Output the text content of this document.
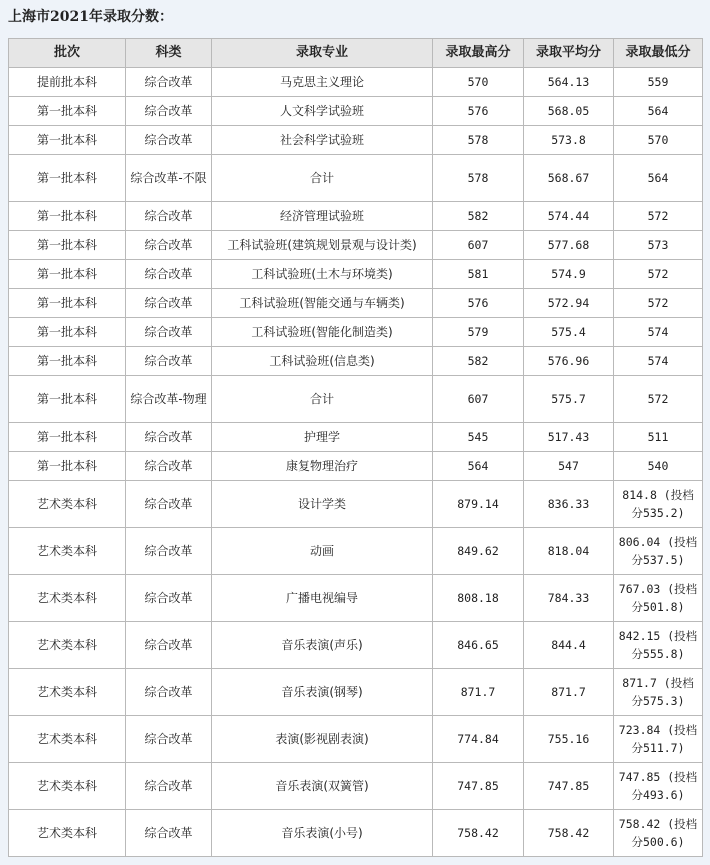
上海市2021年录取分数：
批次	科类	录取专业	录取最高分	录取平均分	录取最低分
提前批本科	综合改革	马克思主义理论	570	564.13	559
第一批本科	综合改革	人文科学试验班	576	568.05	564
第一批本科	综合改革	社会科学试验班	578	573.8	570
第一批本科	综合改革-不限	合计	578	568.67	564
第一批本科	综合改革	经济管理试验班	582	574.44	572
第一批本科	综合改革	工科试验班(建筑规划景观与设计类)	607	577.68	573
第一批本科	综合改革	工科试验班(土木与环境类)	581	574.9	572
第一批本科	综合改革	工科试验班(智能交通与车辆类)	576	572.94	572
第一批本科	综合改革	工科试验班(智能化制造类)	579	575.4	574
第一批本科	综合改革	工科试验班(信息类)	582	576.96	574
第一批本科	综合改革-物理	合计	607	575.7	572
第一批本科	综合改革	护理学	545	517.43	511
第一批本科	综合改革	康复物理治疗	564	547	540
艺术类本科	综合改革	设计学类	879.14	836.33	814.8 (投档分535.2)
艺术类本科	综合改革	动画	849.62	818.04	806.04 (投档分537.5)
艺术类本科	综合改革	广播电视编导	808.18	784.33	767.03 (投档分501.8)
艺术类本科	综合改革	音乐表演(声乐)	846.65	844.4	842.15 (投档分555.8)
艺术类本科	综合改革	音乐表演(钢琴)	871.7	871.7	871.7 (投档分575.3)
艺术类本科	综合改革	表演(影视剧表演)	774.84	755.16	723.84 (投档分511.7)
艺术类本科	综合改革	音乐表演(双簧管)	747.85	747.85	747.85 (投档分493.6)
艺术类本科	综合改革	音乐表演(小号)	758.42	758.42	758.42 (投档分500.6)
